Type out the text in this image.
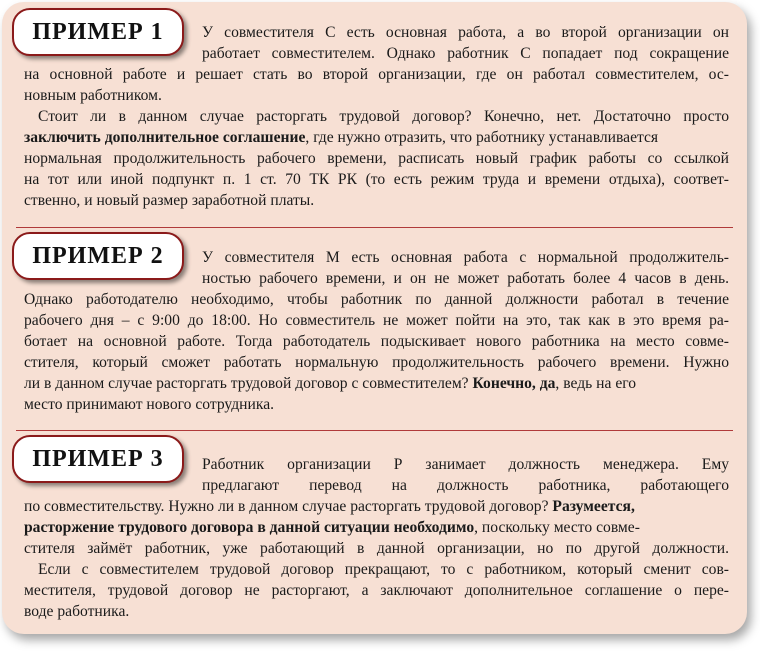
ПРИМЕР 1 У совместителя С есть основная работа, а во второй организации он
работает совместителем. Однако работник С попадает под сокращение
на основной работе и решает стать во второй организации, где он работал совместителем, ос-
новным работником.
Стоит ли в данном случае расторгать трудовой договор? Конечно, нет. Достаточно просто
заключить дополнительное соглашение, где нужно отразить, что работнику устанавливается
нормальная продолжительность рабочего времени, расписать новый график работы со ссылкой
на тот или иной подпункт п. 1 ст. 70 ТК РК (то есть режим труда и времени отдыха), соответ-
ственно, и новый размер заработной платы.
ПРИМЕР 2 У совместителя М есть основная работа с нормальной продолжитель-
ностью рабочего времени, и он не может работать более 4 часов в день.
Однако работодателю необходимо, чтобы работник по данной должности работал в течение
рабочего дня – с 9:00 до 18:00. Но совместитель не может пойти на это, так как в это время ра-
ботает на основной работе. Тогда работодатель подыскивает нового работника на место совме-
стителя, который сможет работать нормальную продолжительность рабочего времени. Нужно
ли в данном случае расторгать трудовой договор с совместителем? Конечно, да, ведь на его
место принимают нового сотрудника.
ПРИМЕР 3 Работник организации Р занимает должность менеджера. Ему
предлагают перевод на должность работника, работающего
по совместительству. Нужно ли в данном случае расторгать трудовой договор? Разумеется,
расторжение трудового договора в данной ситуации необходимо, поскольку место совме-
стителя займёт работник, уже работающий в данной организации, но по другой должности.
Если с совместителем трудовой договор прекращают, то с работником, который сменит сов-
местителя, трудовой договор не расторгают, а заключают дополнительное соглашение о пере-
воде работника.
